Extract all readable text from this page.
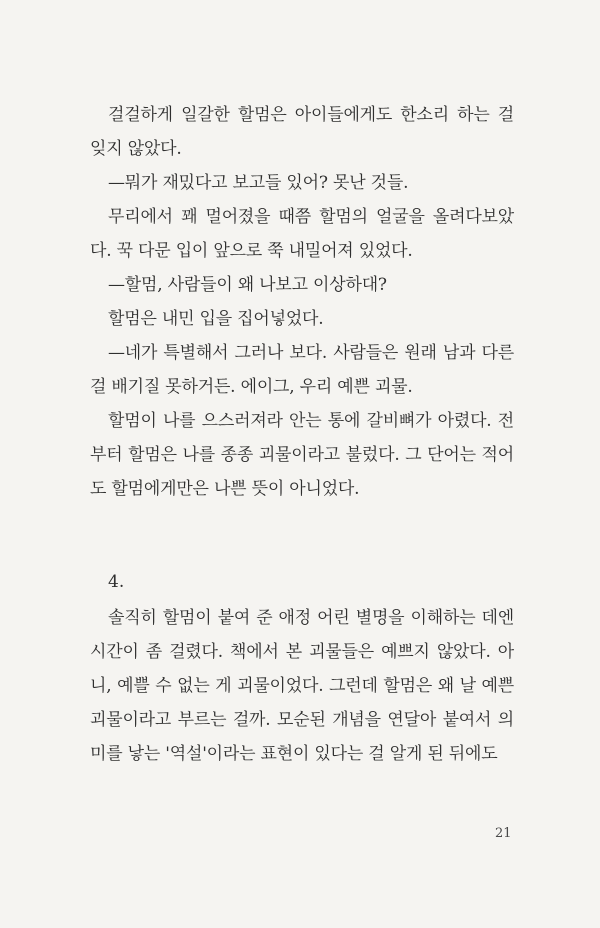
걸걸하게 일갈한 할멈은 아이들에게도 한소리 하는 걸 잊지 않았다.

—뭐가 재밌다고 보고들 있어? 못난 것들.

무리에서 꽤 멀어졌을 때쯤 할멈의 얼굴을 올려다보았다. 꾹 다문 입이 앞으로 쭉 내밀어져 있었다.

—할멈, 사람들이 왜 나보고 이상하대?

할멈은 내민 입을 집어넣었다.

—네가 특별해서 그러나 보다. 사람들은 원래 남과 다른 걸 배기질 못하거든. 에이그, 우리 예쁜 괴물.

할멈이 나를 으스러져라 안는 통에 갈비뼈가 아렸다. 전부터 할멈은 나를 종종 괴물이라고 불렀다. 그 단어는 적어도 할멈에게만은 나쁜 뜻이 아니었다.

4.

솔직히 할멈이 붙여 준 애정 어린 별명을 이해하는 데엔 시간이 좀 걸렸다. 책에서 본 괴물들은 예쁘지 않았다. 아니, 예쁠 수 없는 게 괴물이었다. 그런데 할멈은 왜 날 예쁜 괴물이라고 부르는 걸까. 모순된 개념을 연달아 붙여서 의미를 낳는 '역설'이라는 표현이 있다는 걸 알게 된 뒤에도

21
